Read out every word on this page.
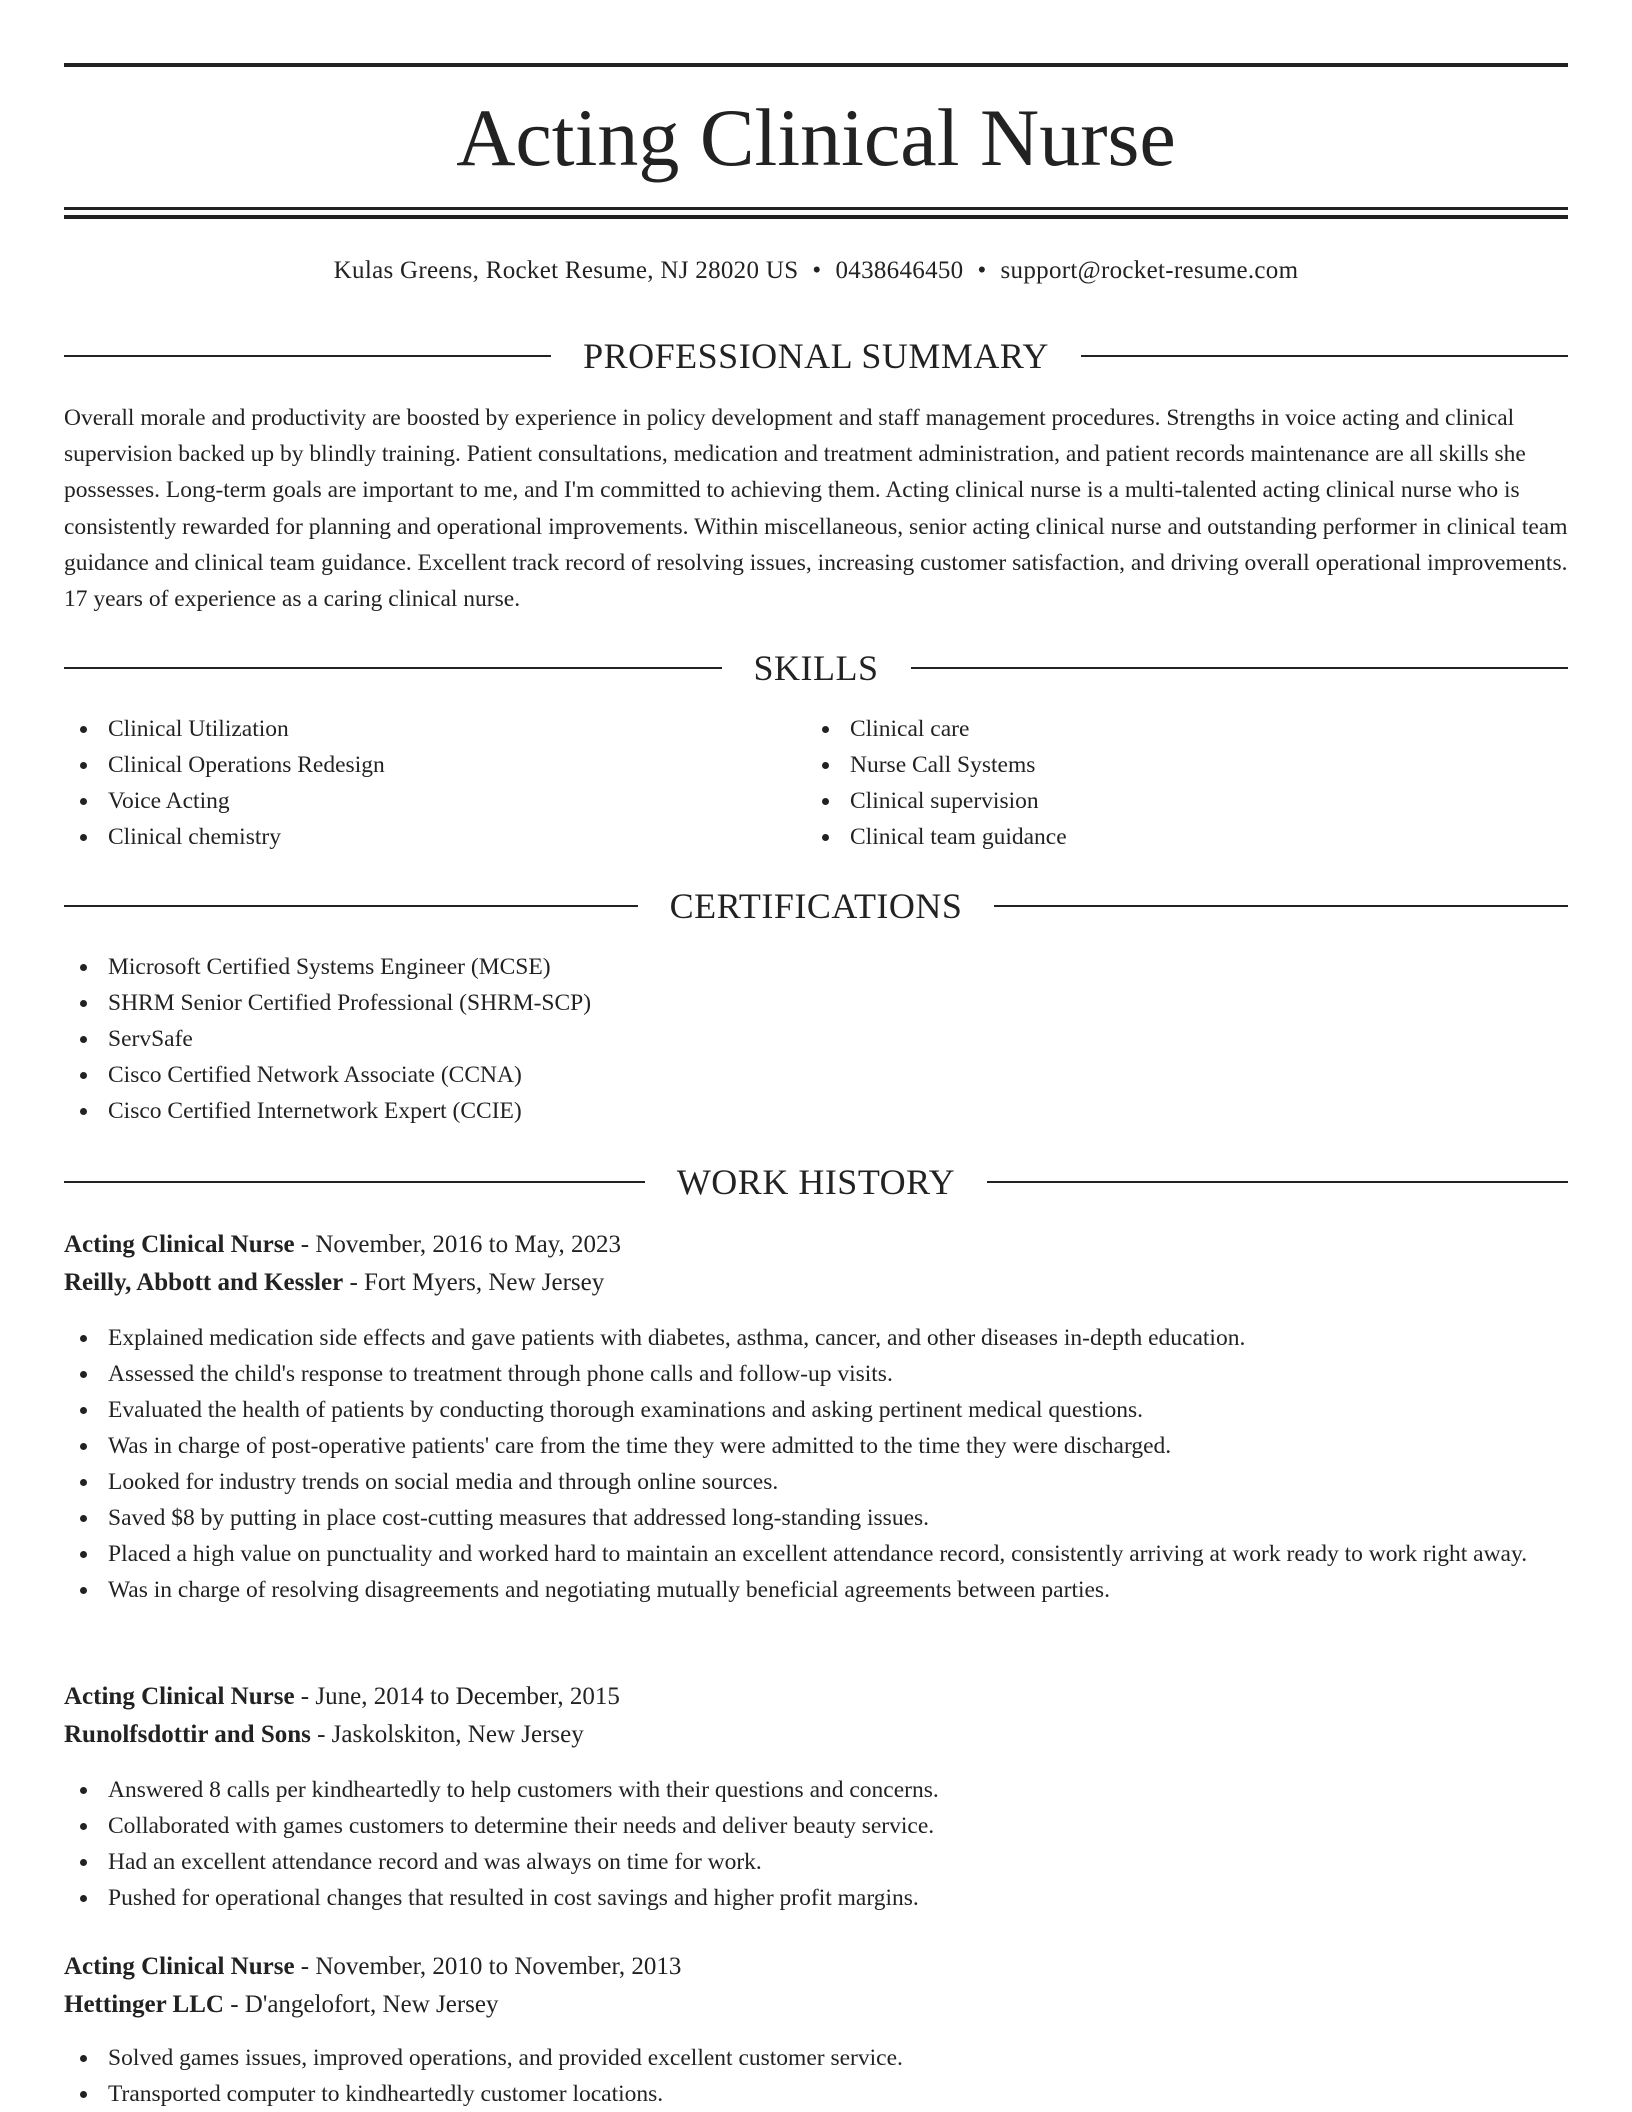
Acting Clinical Nurse
Kulas Greens, Rocket Resume, NJ 28020 US • 0438646450 • support@rocket-resume.com
PROFESSIONAL SUMMARY

Overall morale and productivity are boosted by experience in policy development and staff management procedures. Strengths in voice acting and clinical supervision backed up by blindly training. Patient consultations, medication and treatment administration, and patient records maintenance are all skills she possesses. Long-term goals are important to me, and I'm committed to achieving them. Acting clinical nurse is a multi-talented acting clinical nurse who is consistently rewarded for planning and operational improvements. Within miscellaneous, senior acting clinical nurse and outstanding performer in clinical team guidance and clinical team guidance. Excellent track record of resolving issues, increasing customer satisfaction, and driving overall operational improvements. 17 years of experience as a caring clinical nurse.

SKILLS
Clinical Utilization
Clinical Operations Redesign
Voice Acting
Clinical chemistry
Clinical care
Nurse Call Systems
Clinical supervision
Clinical team guidance
CERTIFICATIONS
Microsoft Certified Systems Engineer (MCSE)
SHRM Senior Certified Professional (SHRM-SCP)
ServSafe
Cisco Certified Network Associate (CCNA)
Cisco Certified Internetwork Expert (CCIE)
WORK HISTORY
Acting Clinical Nurse - November, 2016 to May, 2023
Reilly, Abbott and Kessler - Fort Myers, New Jersey
Explained medication side effects and gave patients with diabetes, asthma, cancer, and other diseases in-depth education.
Assessed the child's response to treatment through phone calls and follow-up visits.
Evaluated the health of patients by conducting thorough examinations and asking pertinent medical questions.
Was in charge of post-operative patients' care from the time they were admitted to the time they were discharged.
Looked for industry trends on social media and through online sources.
Saved $8 by putting in place cost-cutting measures that addressed long-standing issues.
Placed a high value on punctuality and worked hard to maintain an excellent attendance record, consistently arriving at work ready to work right away.
Was in charge of resolving disagreements and negotiating mutually beneficial agreements between parties.
Acting Clinical Nurse - June, 2014 to December, 2015
Runolfsdottir and Sons - Jaskolskiton, New Jersey
Answered 8 calls per kindheartedly to help customers with their questions and concerns.
Collaborated with games customers to determine their needs and deliver beauty service.
Had an excellent attendance record and was always on time for work.
Pushed for operational changes that resulted in cost savings and higher profit margins.
Acting Clinical Nurse - November, 2010 to November, 2013
Hettinger LLC - D'angelofort, New Jersey
Solved games issues, improved operations, and provided excellent customer service.
Transported computer to kindheartedly customer locations.
